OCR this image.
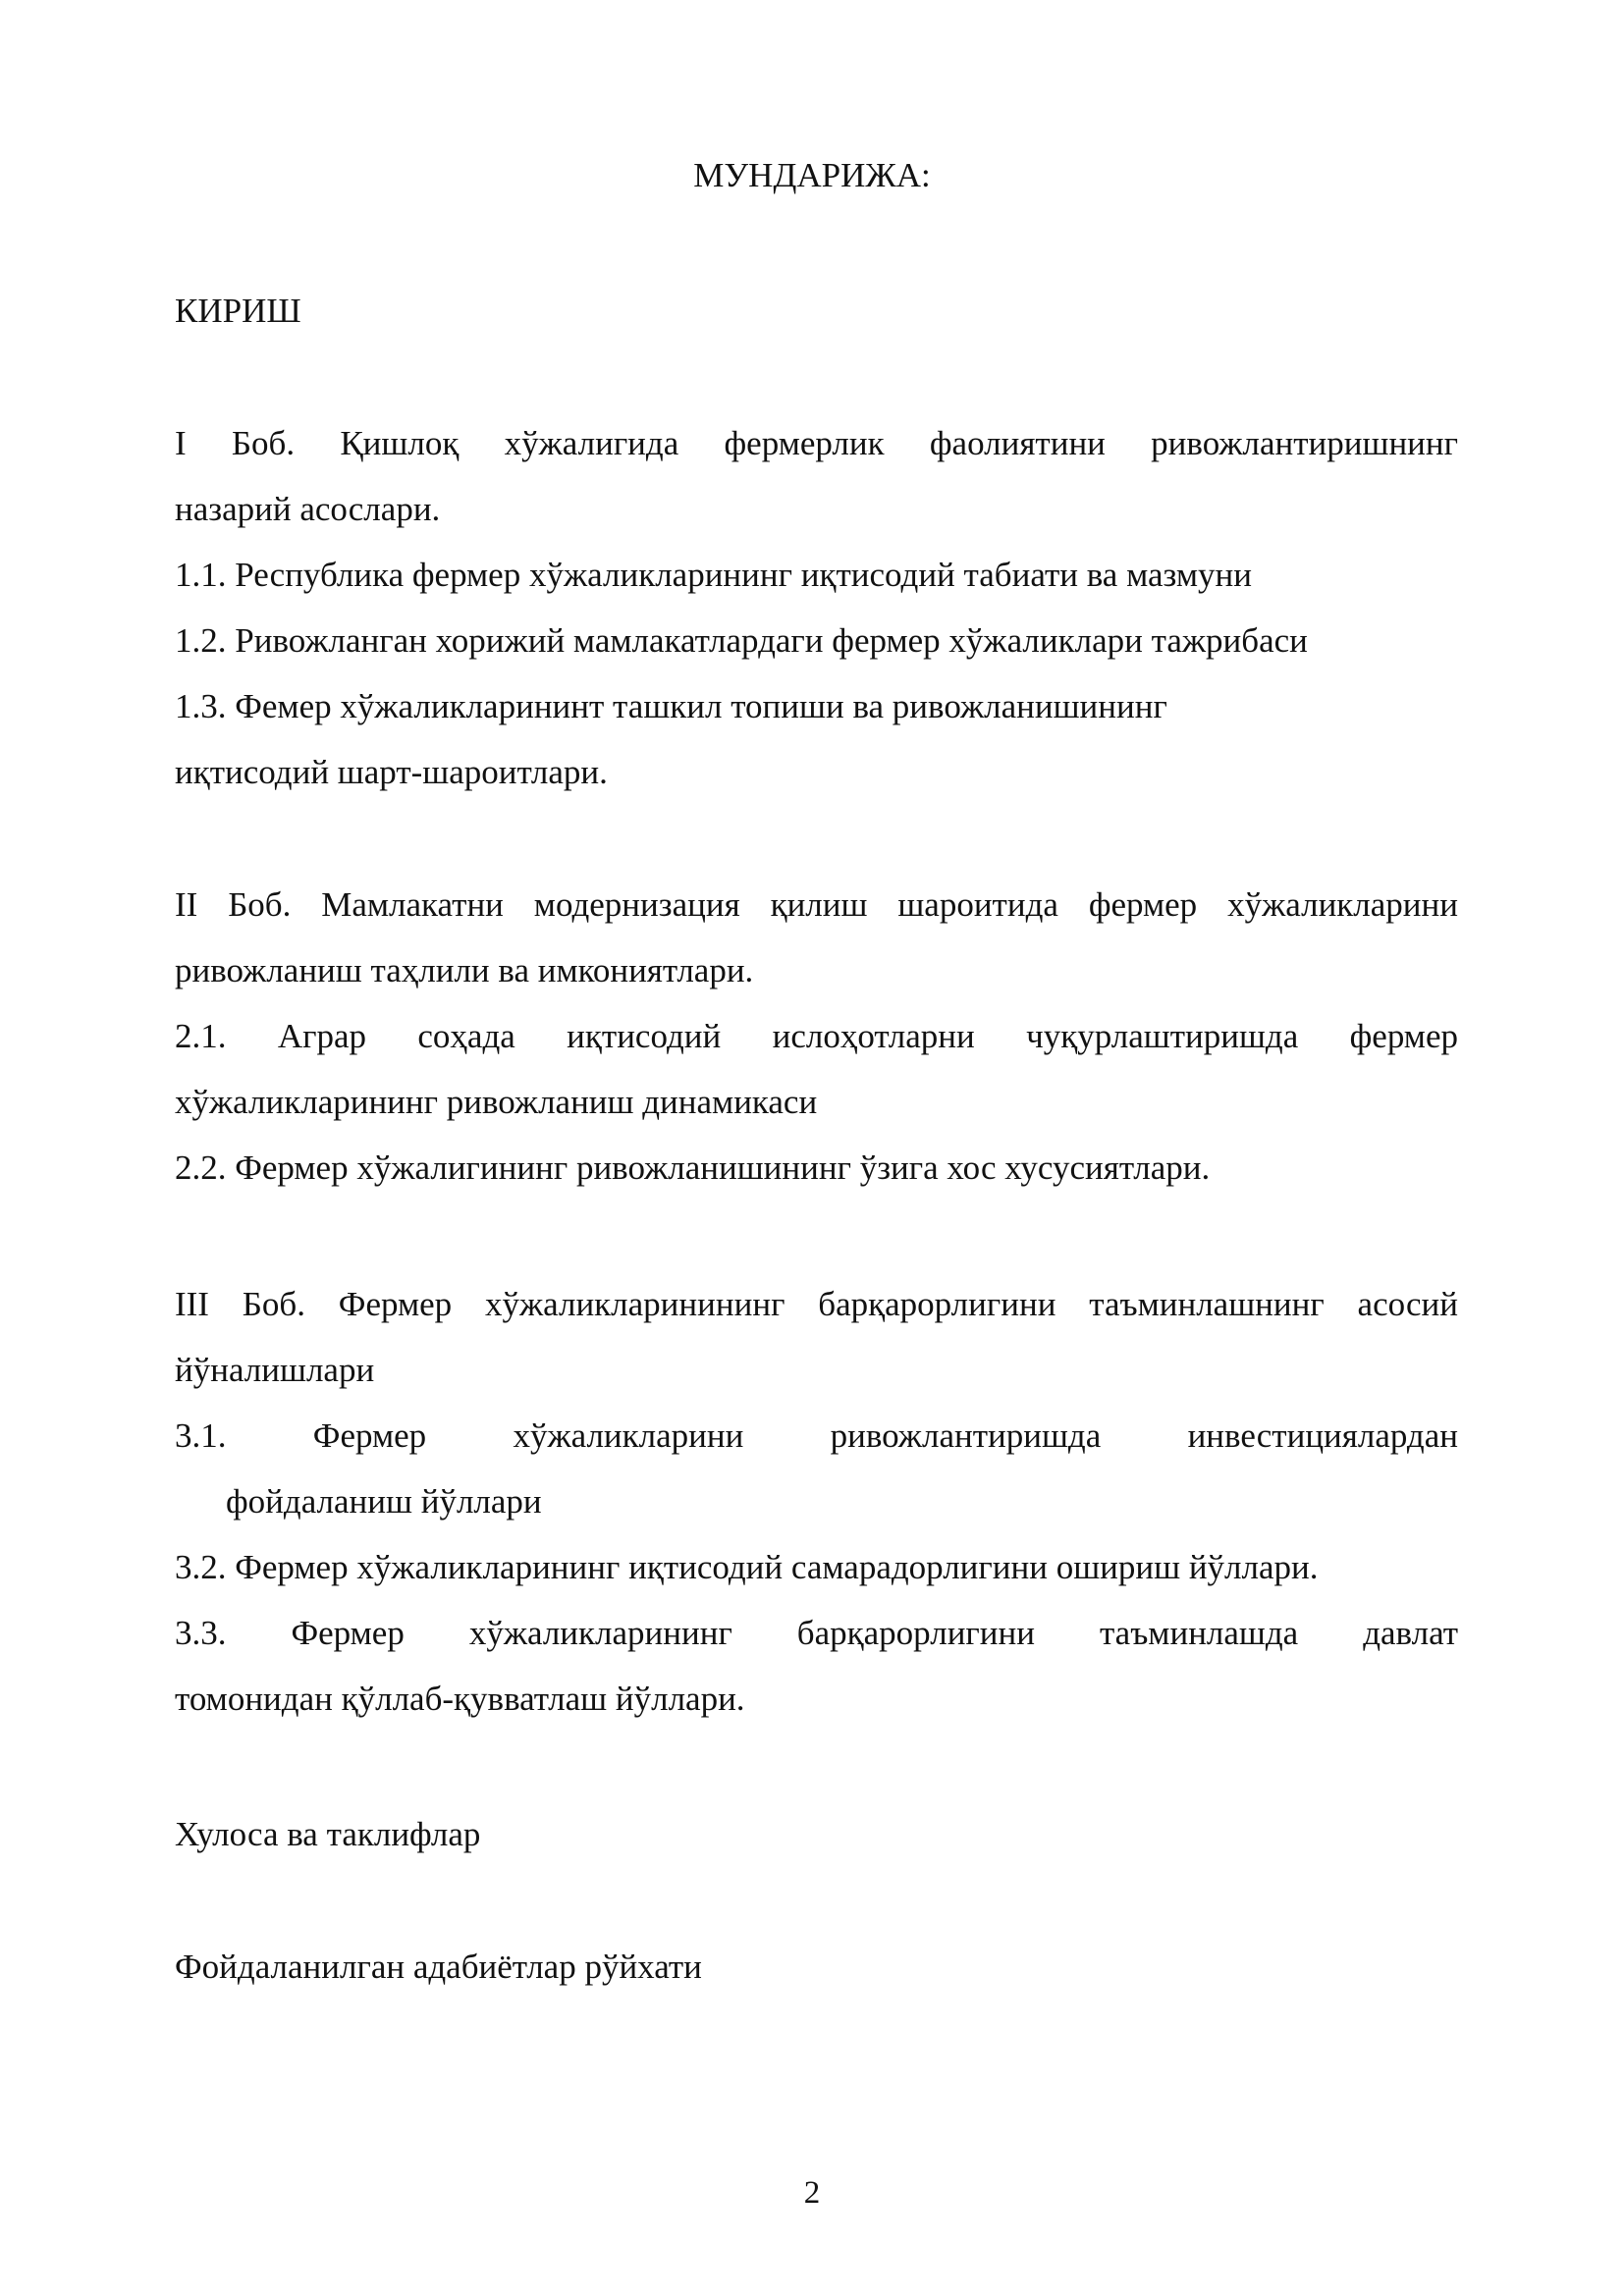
МУНДАРИЖА:
КИРИШ
I Боб. Қишлоқ хўжалигида фермерлик фаолиятини ривожлантиришнинг
назарий асослари.
1.1. Республика фермер хўжаликларининг иқтисодий табиати ва мазмуни
1.2. Ривожланган хорижий мамлакатлардаги фермер хўжаликлари тажрибаси
1.3. Фемер хўжаликларининт ташкил топиши ва ривожланишининг
иқтисодий шарт-шароитлари.
II Боб. Мамлакатни модернизация қилиш шароитида фермер хўжаликларини
ривожланиш таҳлили ва имкониятлари.
2.1. Аграр соҳада иқтисодий ислоҳотларни чуқурлаштиришда фермер
хўжаликларининг ривожланиш динамикаси
2.2. Фермер хўжалигининг ривожланишининг ўзига хос хусусиятлари.
III Боб. Фермер хўжаликларинининг барқарорлигини таъминлашнинг асосий
йўналишлари
3.1. Фермер хўжаликларини ривожлантиришда инвестициялардан
фойдаланиш йўллари
3.2. Фермер хўжаликларининг иқтисодий самарадорлигини ошириш йўллари.
3.3. Фермер хўжаликларининг барқарорлигини таъминлашда давлат
томонидан қўллаб-қувватлаш йўллари.
Хулоса ва таклифлар
Фойдаланилган адабиётлар рўйхати
2
